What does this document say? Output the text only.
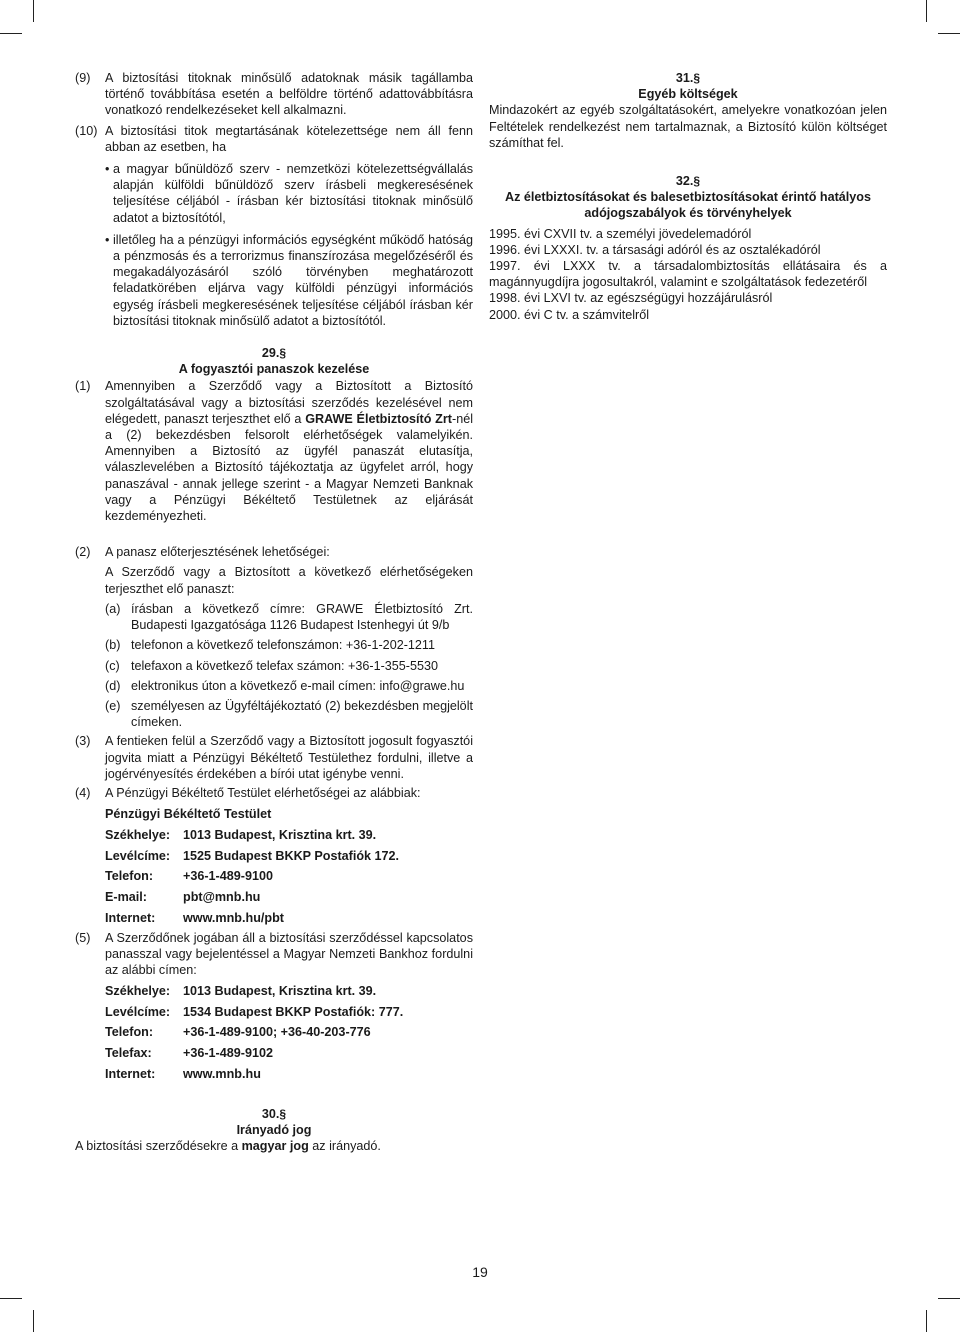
(9)	A biztosítási titoknak minősülő adatoknak másik tagállamba történő továbbítása esetén a belföldre történő adattovábbításra vonatkozó rendelkezéseket kell alkalmazni.
(10) A biztosítási titok megtartásának kötelezettsége nem áll fenn abban az esetben, ha
• a magyar bűnüldöző szerv - nemzetközi kötelezettségvállalás alapján külföldi bűnüldöző szerv írásbeli megkeresésének teljesítése céljából - írásban kér biztosítási titoknak minősülő adatot a biztosítótól,
• illetőleg ha a pénzügyi információs egységként működő hatóság a pénzmosás és a terrorizmus finanszírozása megelőzéséről és megakadályozásáról szóló törvényben meghatározott feladatkörében eljárva vagy külföldi pénzügyi információs egység írásbeli megkeresésének teljesítése céljából írásban kér biztosítási titoknak minősülő adatot a biztosítótól.
29.§
A fogyasztói panaszok kezelése
(1)	Amennyiben a Szerződő vagy a Biztosított a Biztosító szolgáltatásával vagy a biztosítási szerződés kezelésével nem elégedett, panaszt terjeszthet elő a GRAWE Életbiztosító Zrt-nél a (2) bekezdésben felsorolt elérhetőségek valamelyikén. Amennyiben a Biztosító az ügyfél panaszát elutasítja, válaszlevelében a Biztosító tájékoztatja az ügyfelet arról, hogy panaszával - annak jellege szerint - a Magyar Nemzeti Banknak vagy a Pénzügyi Békéltető Testületnek az eljárását kezdeményezheti.
(2)	A panasz előterjesztésének lehetőségei:
A Szerződő vagy a Biztosított a következő elérhetőségeken terjeszthet elő panaszt:
(a) írásban a következő címre: GRAWE Életbiztosító Zrt. Budapesti Igazgatósága 1126 Budapest Istenhegyi út 9/b
(b) telefonon a következő telefonszámon: +36-1-202-1211
(c) telefaxon a következő telefax számon: +36-1-355-5530
(d) elektronikus úton a következő e-mail címen: info@grawe.hu
(e) személyesen az Ügyféltájékoztató (2) bekezdésben megjelölt címeken.
(3)	A fentieken felül a Szerződő vagy a Biztosított jogosult fogyasztói jogvita miatt a Pénzügyi Békéltető Testülethez fordulni, illetve a jogérvényesítés érdekében a bírói utat igénybe venni.
(4)	A Pénzügyi Békéltető Testület elérhetőségei az alábbiak:
Pénzügyi Békéltető Testület
Székhelye:	1013 Budapest, Krisztina krt. 39.
Levélcíme:	1525 Budapest BKKP Postafiók 172.
Telefon:	+36-1-489-9100
E-mail:	pbt@mnb.hu
Internet:	www.mnb.hu/pbt
(5)	A Szerződőnek jogában áll a biztosítási szerződéssel kapcsolatos panasszal vagy bejelentéssel a Magyar Nemzeti Bankhoz fordulni az alábbi címen:
Székhelye:	1013 Budapest, Krisztina krt. 39.
Levélcíme:	1534 Budapest BKKP Postafiók: 777.
Telefon:	+36-1-489-9100; +36-40-203-776
Telefax:	+36-1-489-9102
Internet:	www.mnb.hu
30.§
Irányadó jog
A biztosítási szerződésekre a magyar jog az irányadó.
31.§
Egyéb költségek
Mindazokért az egyéb szolgáltatásokért, amelyekre vonatkozóan jelen Feltételek rendelkezést nem tartalmaznak, a Biztosító külön költséget számíthat fel.
32.§
Az életbiztosításokat és balesetbiztosításokat érintő hatályos adójogszabályok és törvényhelyek
1995. évi CXVII tv. a személyi jövedelemadóról
1996. évi LXXXI. tv. a társasági adóról és az osztalékadóról
1997. évi LXXX tv. a társadalombiztosítás ellátásaira és a magánnyugdíjra jogosultakról, valamint e szolgáltatások fedezetéről
1998. évi LXVI tv. az egészségügyi hozzájárulásról
2000. évi C tv. a számvitelről
19
